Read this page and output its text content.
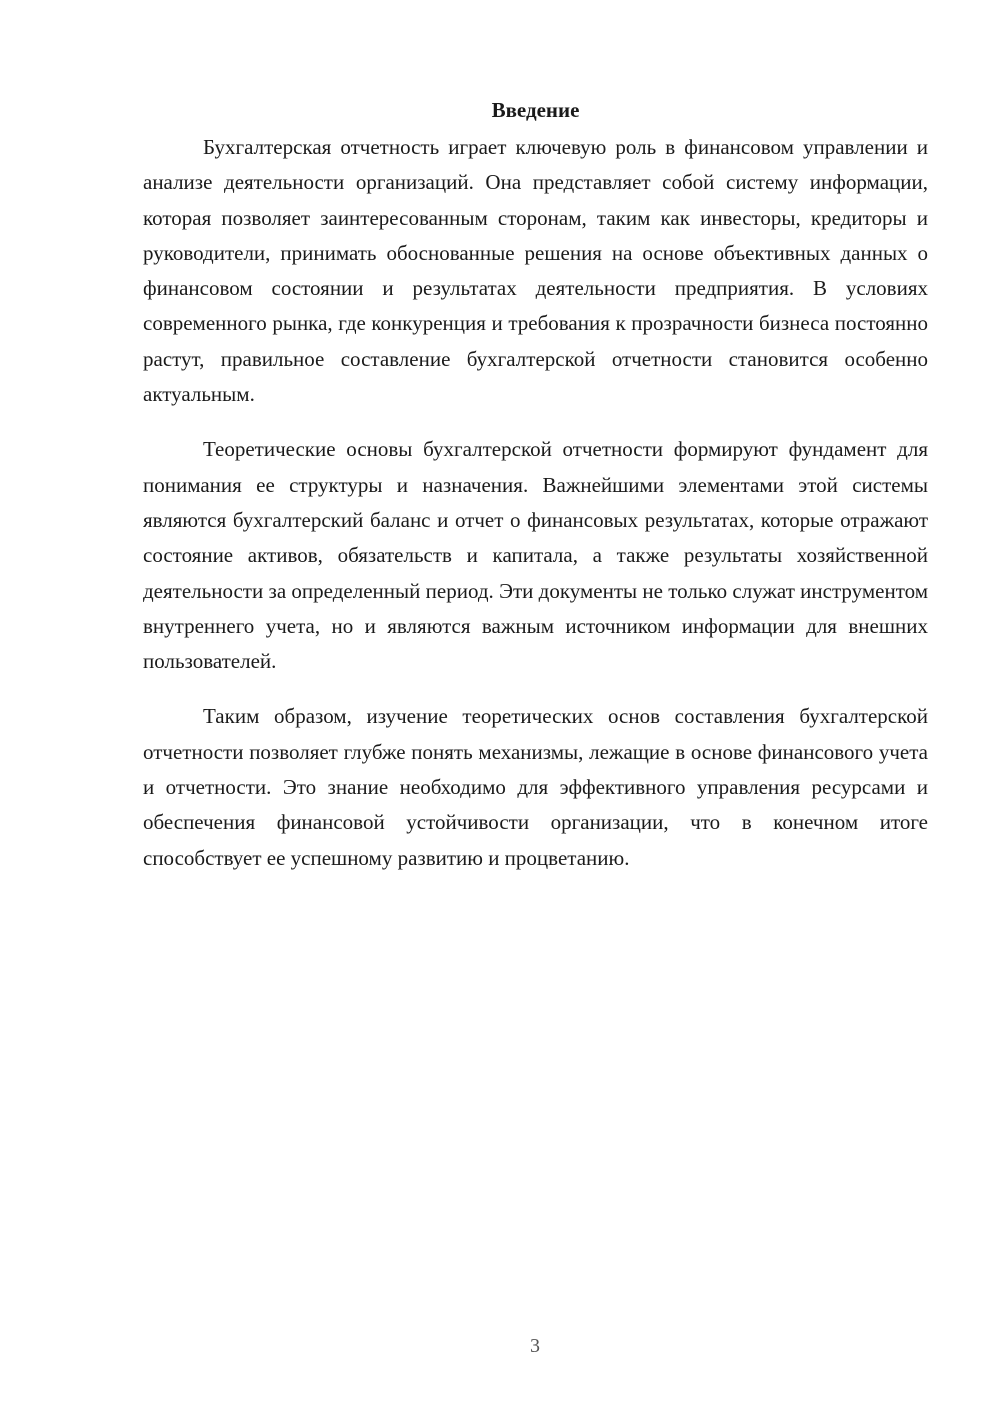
Введение

Бухгалтерская отчетность играет ключевую роль в финансовом управлении и анализе деятельности организаций. Она представляет собой систему информации, которая позволяет заинтересованным сторонам, таким как инвесторы, кредиторы и руководители, принимать обоснованные решения на основе объективных данных о финансовом состоянии и результатах деятельности предприятия. В условиях современного рынка, где конкуренция и требования к прозрачности бизнеса постоянно растут, правильное составление бухгалтерской отчетности становится особенно актуальным.

Теоретические основы бухгалтерской отчетности формируют фундамент для понимания ее структуры и назначения. Важнейшими элементами этой системы являются бухгалтерский баланс и отчет о финансовых результатах, которые отражают состояние активов, обязательств и капитала, а также результаты хозяйственной деятельности за определенный период. Эти документы не только служат инструментом внутреннего учета, но и являются важным источником информации для внешних пользователей.

Таким образом, изучение теоретических основ составления бухгалтерской отчетности позволяет глубже понять механизмы, лежащие в основе финансового учета и отчетности. Это знание необходимо для эффективного управления ресурсами и обеспечения финансовой устойчивости организации, что в конечном итоге способствует ее успешному развитию и процветанию.

3
